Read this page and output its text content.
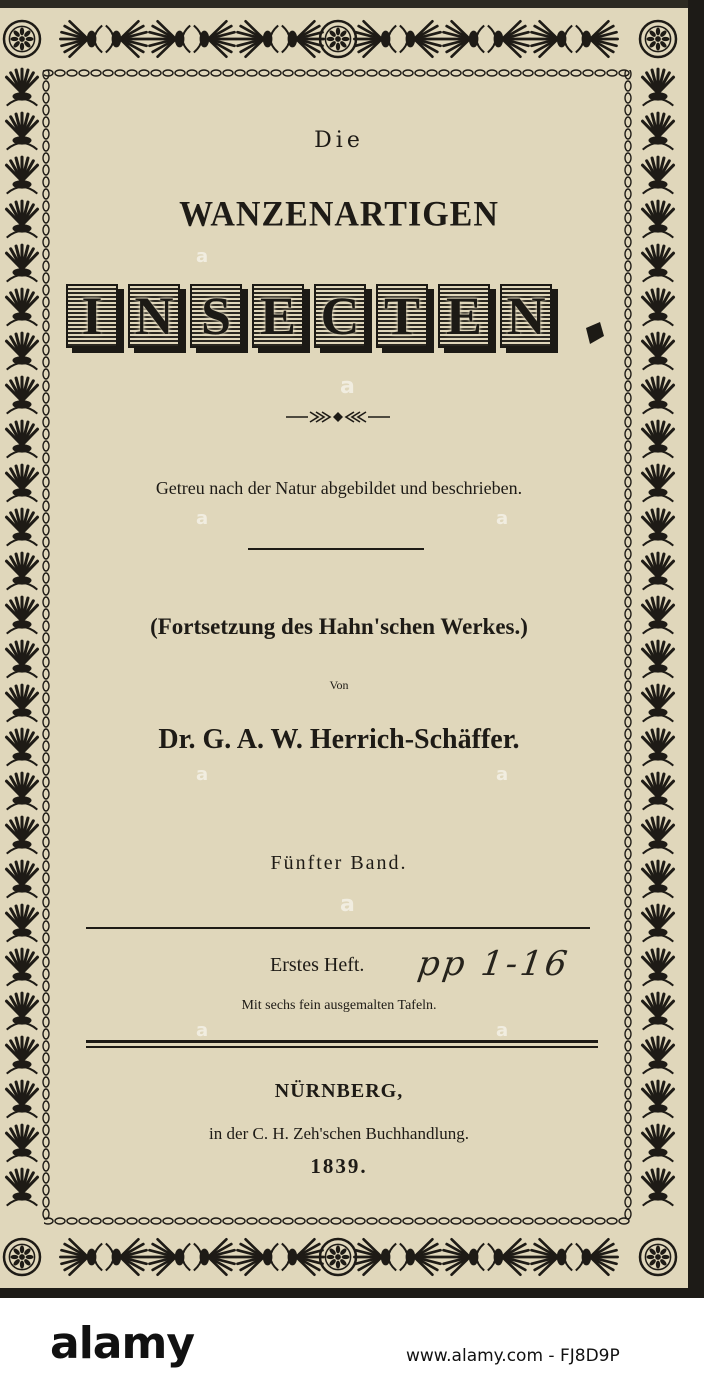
Die
WANZENARTIGEN
I N S E C T E N
Getreu nach der Natur abgebildet und beschrieben.
(Fortsetzung des Hahn'schen Werkes.)
Von
Dr. G. A. W. Herrich-Schäffer.
Fünfter Band.
Erstes Heft.	pp 1-16
Mit sechs fein ausgemalten Tafeln.
NÜRNBERG,
in der C. H. Zeh'schen Buchhandlung.
1839.
a
a
a	a
a	a
a
a	a
alamy	www.alamy.com - FJ8D9P
